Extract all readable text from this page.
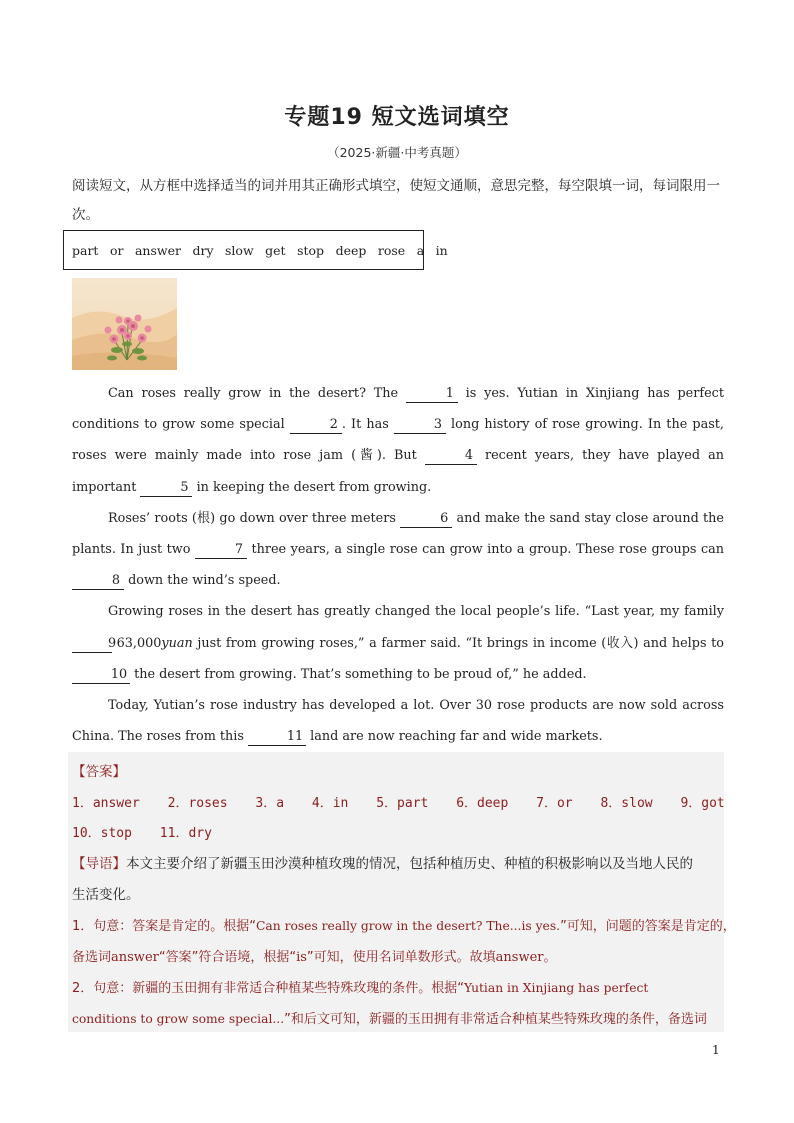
专题19 短文选词填空
（2025·新疆·中考真题）
阅读短文，从方框中选择适当的词并用其正确形式填空，使短文通顺，意思完整，每空限填一词，每词限用一次。
part or answer dry slow get stop deep rose a in

Can roses really grow in the desert? The	1 is yes. Yutian in Xinjiang has perfect conditions to grow some special	2 . It has	3 long history of rose growing. In the past, roses were mainly made into rose jam (酱). But	4 recent years, they have played an important	5 in keeping the desert from growing.

Roses’ roots (根) go down over three meters	6 and make the sand stay close around the plants. In just two	7 three years, a single rose can grow into a group. These rose groups can 8 down the wind’s speed.

Growing roses in the desert has greatly changed the local people’s life. “Last year, my family 9 63,000yuan just from growing roses,” a farmer said. “It brings in income (收入) and helps to 10 the desert from growing. That’s something to be proud of,” he added.

Today, Yutian’s rose industry has developed a lot. Over 30 rose products are now sold across China. The roses from this	11 land are now reaching far and wide markets.

【答案】
1．answer 2．roses 3．a 4．in 5．part 6．deep 7．or 8．slow 9．got
10．stop 11．dry
【导语】本文主要介绍了新疆玉田沙漠种植玫瑰的情况，包括种植历史、种植的积极影响以及当地人民的
生活变化。
1．句意：答案是肯定的。根据“Can roses really grow in the desert? The...is yes.”可知，问题的答案是肯定的，
备选词answer“答案”符合语境，根据“is”可知，使用名词单数形式。故填answer。
2．句意：新疆的玉田拥有非常适合种植某些特殊玫瑰的条件。根据“Yutian in Xinjiang has perfect
conditions to grow some special...”和后文可知，新疆的玉田拥有非常适合种植某些特殊玫瑰的条件，备选词
1
